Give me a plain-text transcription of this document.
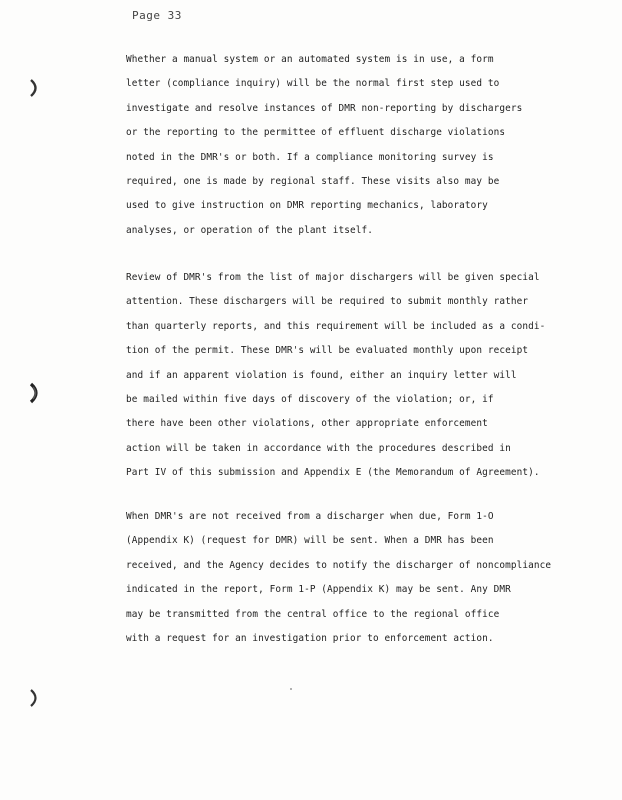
Page 33
Whether a manual system or an automated system is in use, a form
letter (compliance inquiry) will be the normal first step used to
investigate and resolve instances of DMR non-reporting by dischargers
or the reporting to the permittee of effluent discharge violations
noted in the DMR's or both. If a compliance monitoring survey is
required, one is made by regional staff. These visits also may be
used to give instruction on DMR reporting mechanics, laboratory
analyses, or operation of the plant itself.
Review of DMR's from the list of major dischargers will be given special
attention. These dischargers will be required to submit monthly rather
than quarterly reports, and this requirement will be included as a condi-
tion of the permit. These DMR's will be evaluated monthly upon receipt
and if an apparent violation is found, either an inquiry letter will
be mailed within five days of discovery of the violation; or, if
there have been other violations, other appropriate enforcement
action will be taken in accordance with the procedures described in
Part IV of this submission and Appendix E (the Memorandum of Agreement).
When DMR's are not received from a discharger when due, Form 1-O
(Appendix K) (request for DMR) will be sent. When a DMR has been
received, and the Agency decides to notify the discharger of noncompliance
indicated in the report, Form 1-P (Appendix K) may be sent. Any DMR
may be transmitted from the central office to the regional office
with a request for an investigation prior to enforcement action.
